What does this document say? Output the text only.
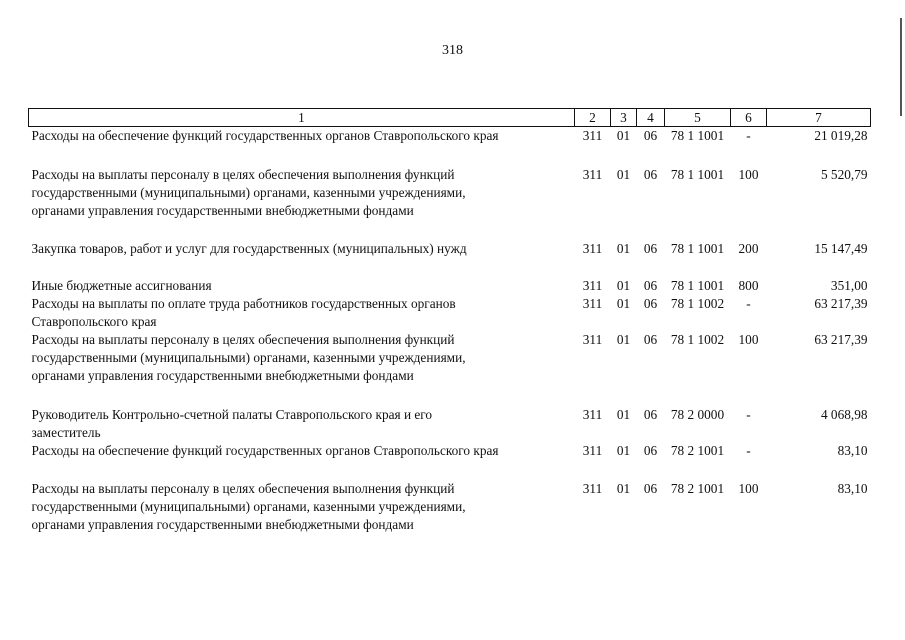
318
1	2	3	4	5	6	7

Расходы на обеспечение функций государственных органов Ставропольского края	311	01	06	78 1 1001	-	21 019,28

Расходы на выплаты персоналу в целях обеспечения выполнения функций
государственными (муниципальными) органами, казенными учреждениями,
органами управления государственными внебюджетными фондами	311	01	06	78 1 1001	100	5 520,79

Закупка товаров, работ и услуг для государственных (муниципальных) нужд	311	01	06	78 1 1001	200	15 147,49

Иные бюджетные ассигнования	311	01	06	78 1 1001	800	351,00

Расходы на выплаты по оплате труда работников государственных органов
Ставропольского края	311	01	06	78 1 1002	-	63 217,39

Расходы на выплаты персоналу в целях обеспечения выполнения функций
государственными (муниципальными) органами, казенными учреждениями,
органами управления государственными внебюджетными фондами	311	01	06	78 1 1002	100	63 217,39

Руководитель Контрольно-счетной палаты Ставропольского края и его
заместитель	311	01	06	78 2 0000	-	4 068,98

Расходы на обеспечение функций государственных органов Ставропольского края	311	01	06	78 2 1001	-	83,10

Расходы на выплаты персоналу в целях обеспечения выполнения функций
государственными (муниципальными) органами, казенными учреждениями,
органами управления государственными внебюджетными фондами	311	01	06	78 2 1001	100	83,10
